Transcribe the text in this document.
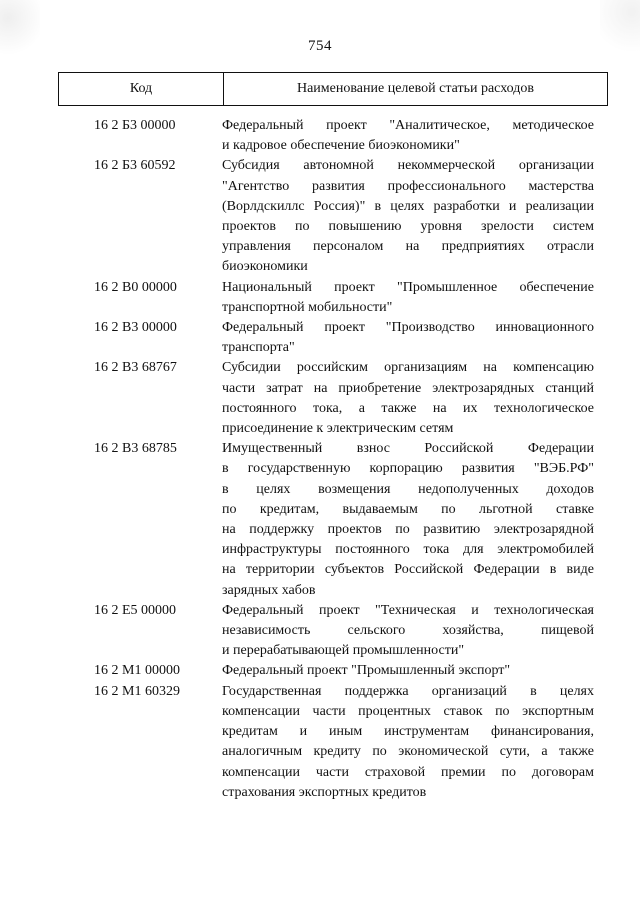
754
Код	Наименование целевой статьи расходов
16 2 Б3 00000	Федеральный проект "Аналитическое, методическое
и кадровое обеспечение биоэкономики"
16 2 Б3 60592	Субсидия автономной некоммерческой организации
"Агентство развития профессионального мастерства
(Ворлдскиллс Россия)" в целях разработки и реализации
проектов по повышению уровня зрелости систем
управления персоналом на предприятиях отрасли
биоэкономики
16 2 В0 00000	Национальный проект "Промышленное обеспечение
транспортной мобильности"
16 2 В3 00000	Федеральный проект "Производство инновационного
транспорта"
16 2 В3 68767	Субсидии российским организациям на компенсацию
части затрат на приобретение электрозарядных станций
постоянного тока, а также на их технологическое
присоединение к электрическим сетям
16 2 В3 68785	Имущественный взнос Российской Федерации
в государственную корпорацию развития "ВЭБ.РФ"
в целях возмещения недополученных доходов
по кредитам, выдаваемым по льготной ставке
на поддержку проектов по развитию электрозарядной
инфраструктуры постоянного тока для электромобилей
на территории субъектов Российской Федерации в виде
зарядных хабов
16 2 Е5 00000	Федеральный проект "Техническая и технологическая
независимость сельского хозяйства, пищевой
и перерабатывающей промышленности"
16 2 М1 00000	Федеральный проект "Промышленный экспорт"
16 2 М1 60329	Государственная поддержка организаций в целях
компенсации части процентных ставок по экспортным
кредитам и иным инструментам финансирования,
аналогичным кредиту по экономической сути, а также
компенсации части страховой премии по договорам
страхования экспортных кредитов
